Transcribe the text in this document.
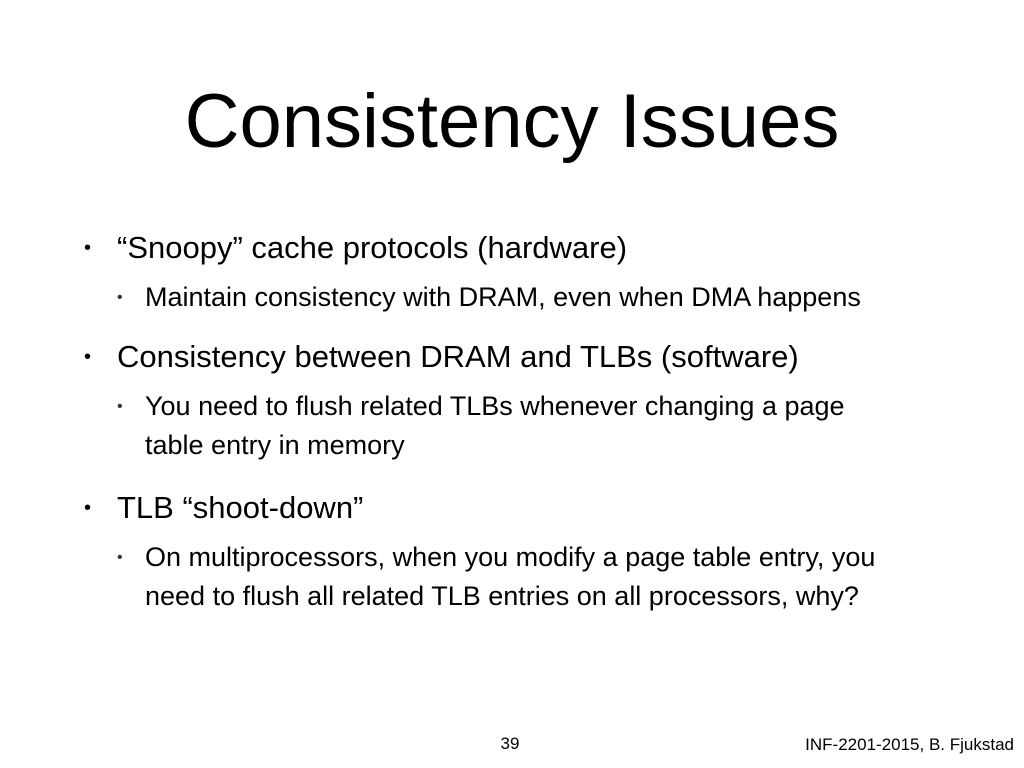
Consistency Issues
• “Snoopy” cache protocols (hardware)
• Maintain consistency with DRAM, even when DMA happens
• Consistency between DRAM and TLBs (software)
• You need to flush related TLBs whenever changing a page table entry in memory
• TLB “shoot-down”
• On multiprocessors, when you modify a page table entry, you need to flush all related TLB entries on all processors, why?
39	INF-2201-2015, B. Fjukstad
